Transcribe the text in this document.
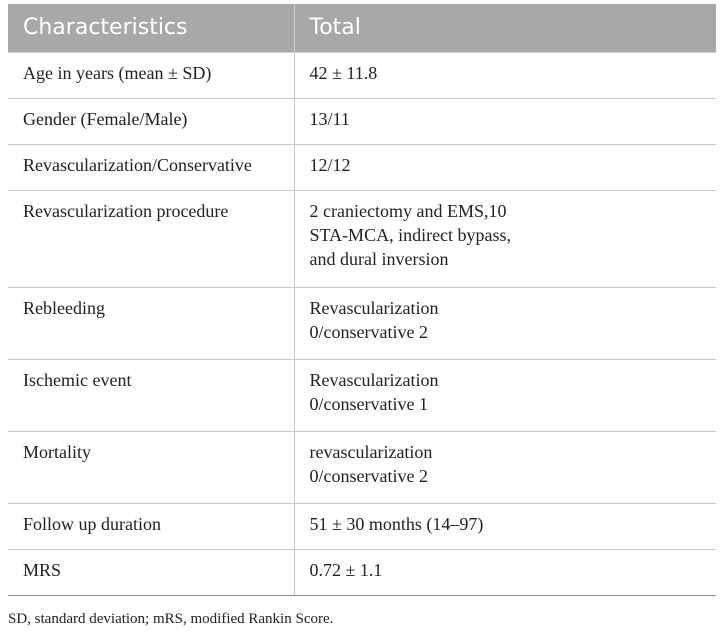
Characteristics	Total
Age in years (mean ± SD)	42 ± 11.8
Gender (Female/Male)	13/11
Revascularization/Conservative	12/12
Revascularization procedure	2 craniectomy and EMS,10
STA-MCA, indirect bypass,
and dural inversion
Rebleeding	Revascularization
0/conservative 2
Ischemic event	Revascularization
0/conservative 1
Mortality	revascularization
0/conservative 2
Follow up duration	51 ± 30 months (14–97)
MRS	0.72 ± 1.1
SD, standard deviation; mRS, modified Rankin Score.
